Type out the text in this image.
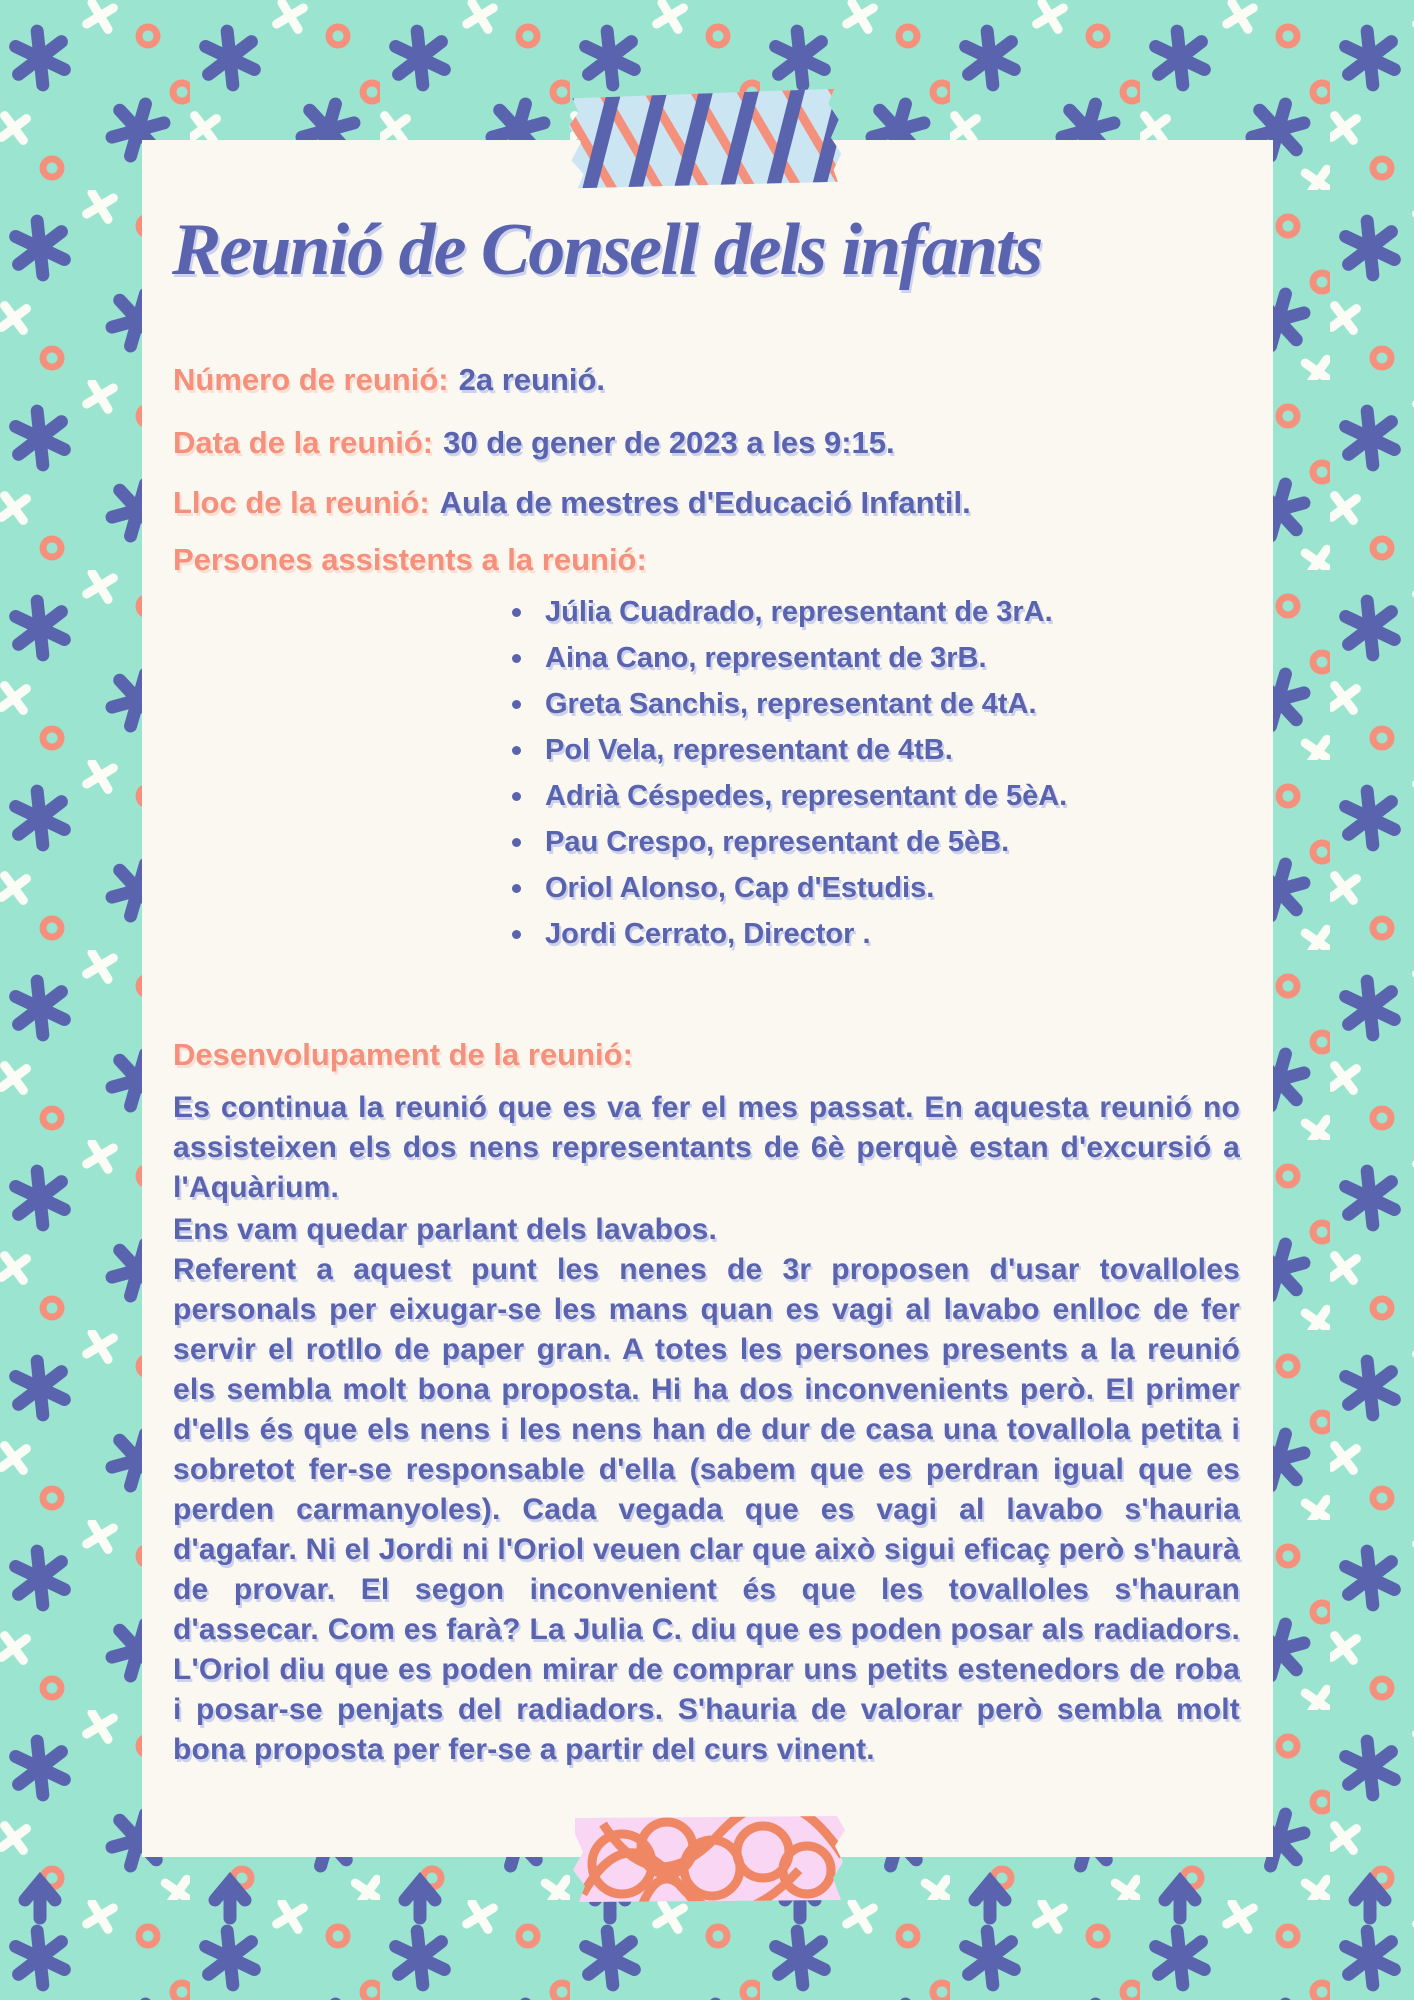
Reunió de Consell dels infants
Número de reunió: 2a reunió.
Data de la reunió: 30 de gener de 2023 a les 9:15.
Lloc de la reunió: Aula de mestres d'Educació Infantil.
Persones assistents a la reunió:
Júlia Cuadrado, representant de 3rA.
Aina Cano, representant de 3rB.
Greta Sanchis, representant de 4tA.
Pol Vela, representant de 4tB.
Adrià Céspedes, representant de 5èA.
Pau Crespo, representant de 5èB.
Oriol Alonso, Cap d'Estudis.
Jordi Cerrato, Director .
Desenvolupament de la reunió:
Es continua la reunió que es va fer el mes passat. En aquesta reunió no assisteixen els dos nens representants de 6è perquè estan d'excursió a l'Aquàrium.
Ens vam quedar parlant dels lavabos.
Referent a aquest punt les nenes de 3r proposen d'usar tovalloles personals per eixugar-se les mans quan es vagi al lavabo enlloc de fer servir el rotllo de paper gran. A totes les persones presents a la reunió els sembla molt bona proposta. Hi ha dos inconvenients però. El primer d'ells és que els nens i les nens han de dur de casa una tovallola petita i sobretot fer-se responsable d'ella (sabem que es perdran igual que es perden carmanyoles). Cada vegada que es vagi al lavabo s'hauria d'agafar. Ni el Jordi ni l'Oriol veuen clar que això sigui eficaç però s'haurà de provar. El segon inconvenient és que les tovalloles s'hauran d'assecar. Com es farà? La Julia C. diu que es poden posar als radiadors. L'Oriol diu que es poden mirar de comprar uns petits estenedors de roba i posar-se penjats del radiadors. S'hauria de valorar però sembla molt bona proposta per fer-se a partir del curs vinent.
